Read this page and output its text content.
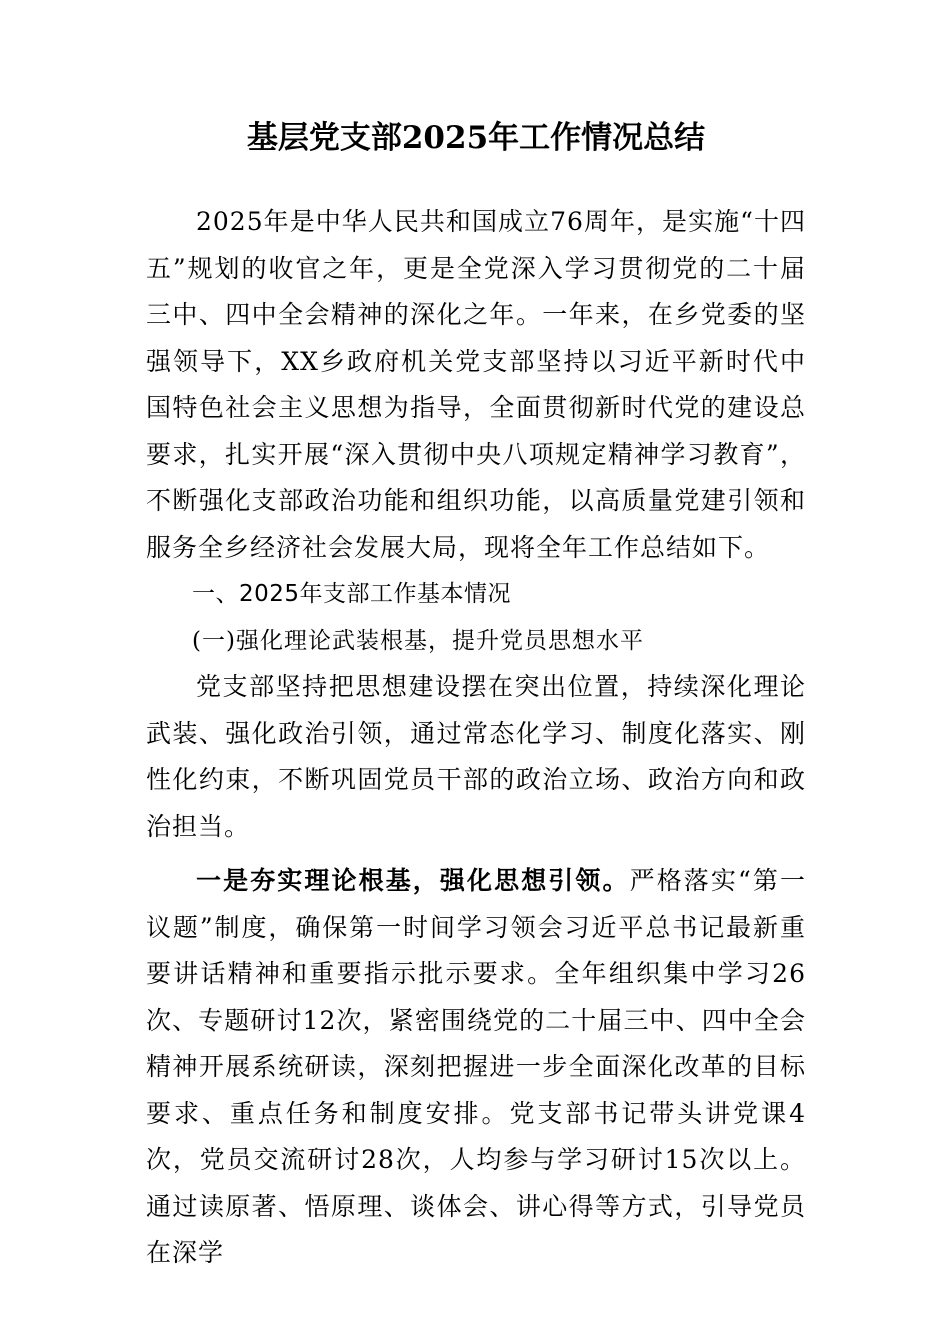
基层党支部2025年工作情况总结

2025年是中华人民共和国成立76周年，是实施“十四五”规划的收官之年，更是全党深入学习贯彻党的二十届三中、四中全会精神的深化之年。一年来，在乡党委的坚强领导下，XX乡政府机关党支部坚持以习近平新时代中国特色社会主义思想为指导，全面贯彻新时代党的建设总要求，扎实开展“深入贯彻中央八项规定精神学习教育”，不断强化支部政治功能和组织功能，以高质量党建引领和服务全乡经济社会发展大局，现将全年工作总结如下。

一、2025年支部工作基本情况

(一)强化理论武装根基，提升党员思想水平

党支部坚持把思想建设摆在突出位置，持续深化理论武装、强化政治引领，通过常态化学习、制度化落实、刚性化约束，不断巩固党员干部的政治立场、政治方向和政治担当。

一是夯实理论根基，强化思想引领。严格落实“第一议题”制度，确保第一时间学习领会习近平总书记最新重要讲话精神和重要指示批示要求。全年组织集中学习26次、专题研讨12次，紧密围绕党的二十届三中、四中全会精神开展系统研读，深刻把握进一步全面深化改革的目标要求、重点任务和制度安排。党支部书记带头讲党课4次，党员交流研讨28次，人均参与学习研讨15次以上。通过读原著、悟原理、谈体会、讲心得等方式，引导党员在深学
